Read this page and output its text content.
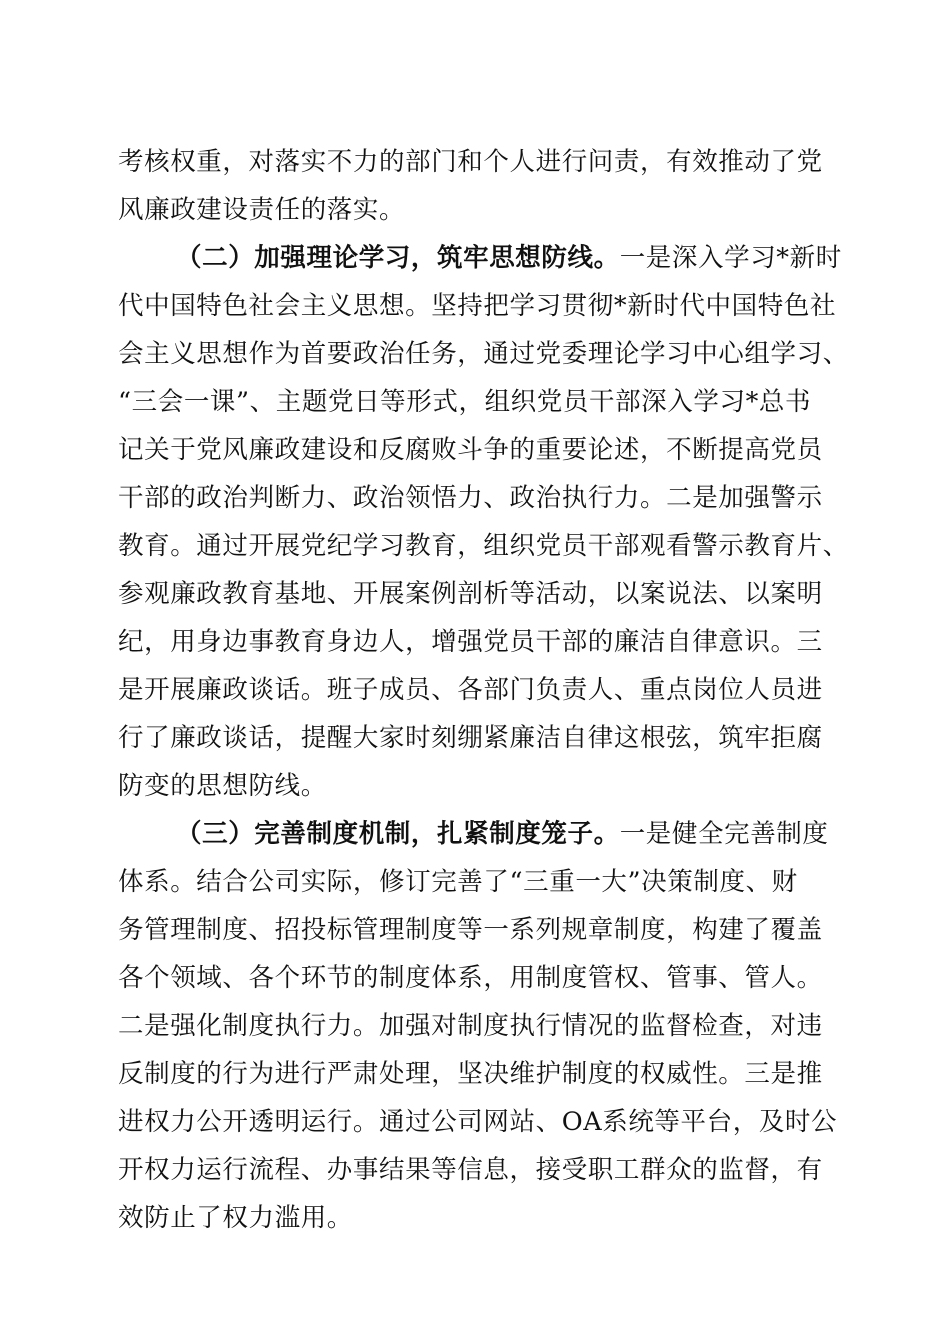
考核权重，对落实不力的部门和个人进行问责，有效推动了党
风廉政建设责任的落实。
（二）加强理论学习，筑牢思想防线。一是深入学习*新时
代中国特色社会主义思想。坚持把学习贯彻*新时代中国特色社
会主义思想作为首要政治任务，通过党委理论学习中心组学习、
“三会一课”、主题党日等形式，组织党员干部深入学习*总书
记关于党风廉政建设和反腐败斗争的重要论述，不断提高党员
干部的政治判断力、政治领悟力、政治执行力。二是加强警示
教育。通过开展党纪学习教育，组织党员干部观看警示教育片、
参观廉政教育基地、开展案例剖析等活动，以案说法、以案明
纪，用身边事教育身边人，增强党员干部的廉洁自律意识。三
是开展廉政谈话。班子成员、各部门负责人、重点岗位人员进
行了廉政谈话，提醒大家时刻绷紧廉洁自律这根弦，筑牢拒腐
防变的思想防线。
（三）完善制度机制，扎紧制度笼子。一是健全完善制度
体系。结合公司实际，修订完善了“三重一大”决策制度、财
务管理制度、招投标管理制度等一系列规章制度，构建了覆盖
各个领域、各个环节的制度体系，用制度管权、管事、管人。
二是强化制度执行力。加强对制度执行情况的监督检查，对违
反制度的行为进行严肃处理，坚决维护制度的权威性。三是推
进权力公开透明运行。通过公司网站、OA系统等平台，及时公
开权力运行流程、办事结果等信息，接受职工群众的监督，有
效防止了权力滥用。
